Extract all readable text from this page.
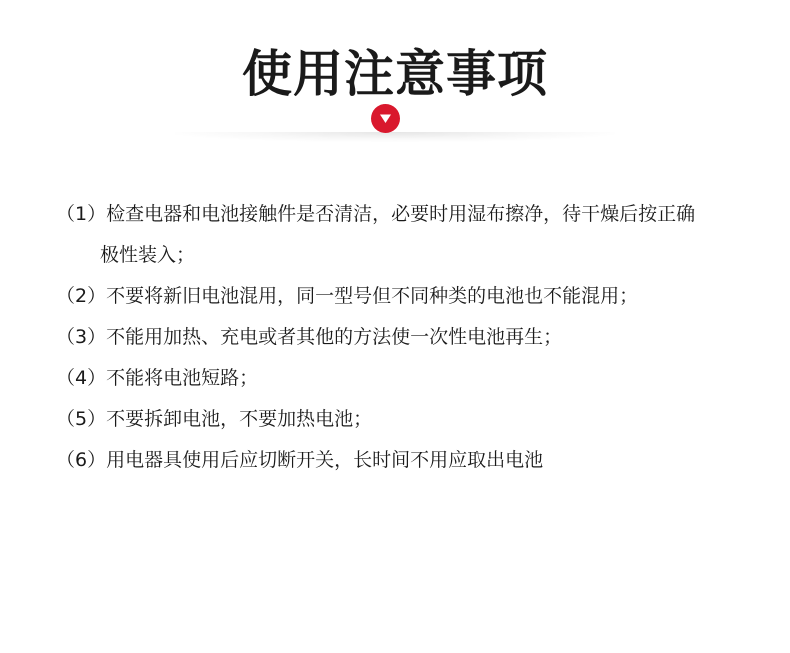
使用注意事项
（1）检查电器和电池接触件是否清洁，必要时用湿布擦净，待干燥后按正确
极性装入；
（2）不要将新旧电池混用，同一型号但不同种类的电池也不能混用；
（3）不能用加热、充电或者其他的方法使一次性电池再生；
（4）不能将电池短路；
（5）不要拆卸电池，不要加热电池；
（6）用电器具使用后应切断开关，长时间不用应取出电池
